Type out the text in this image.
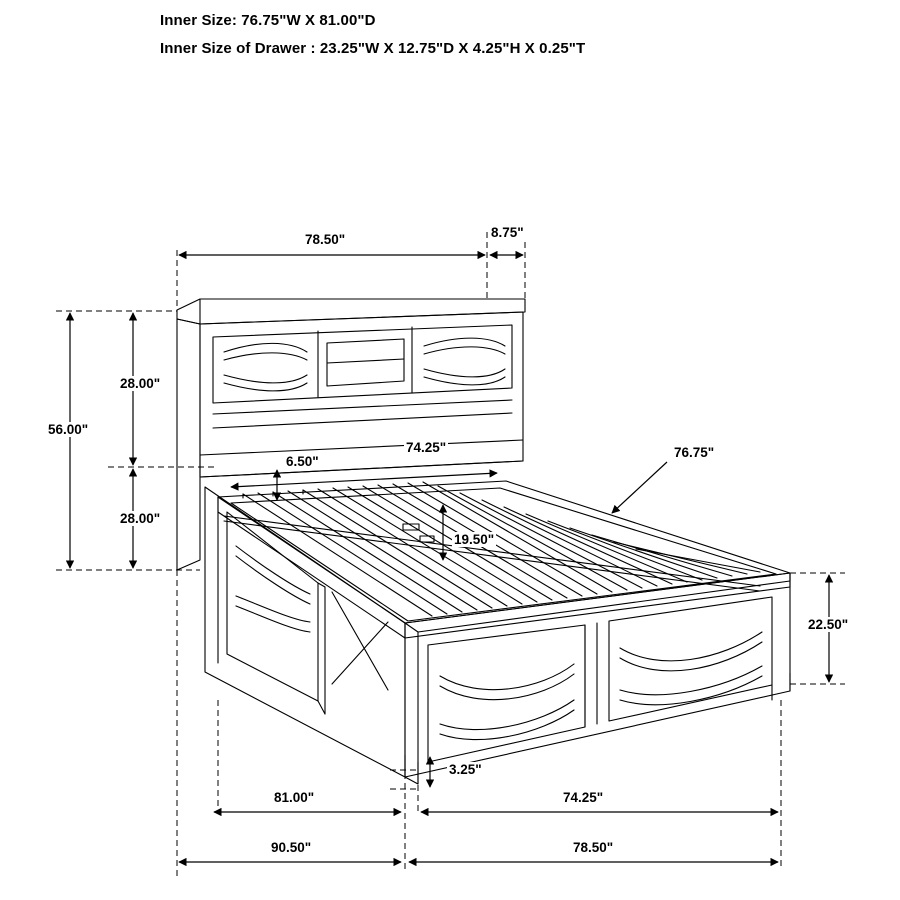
Inner Size: 76.75"W X 81.00"D
Inner Size of Drawer : 23.25"W X 12.75"D X 4.25"H X 0.25"T
78.50"	8.75"
28.00"
28.00"
56.00"
74.25"
6.50"
19.50"
76.75"
22.50"
3.25"
81.00"	74.25"
90.50"	78.50"
